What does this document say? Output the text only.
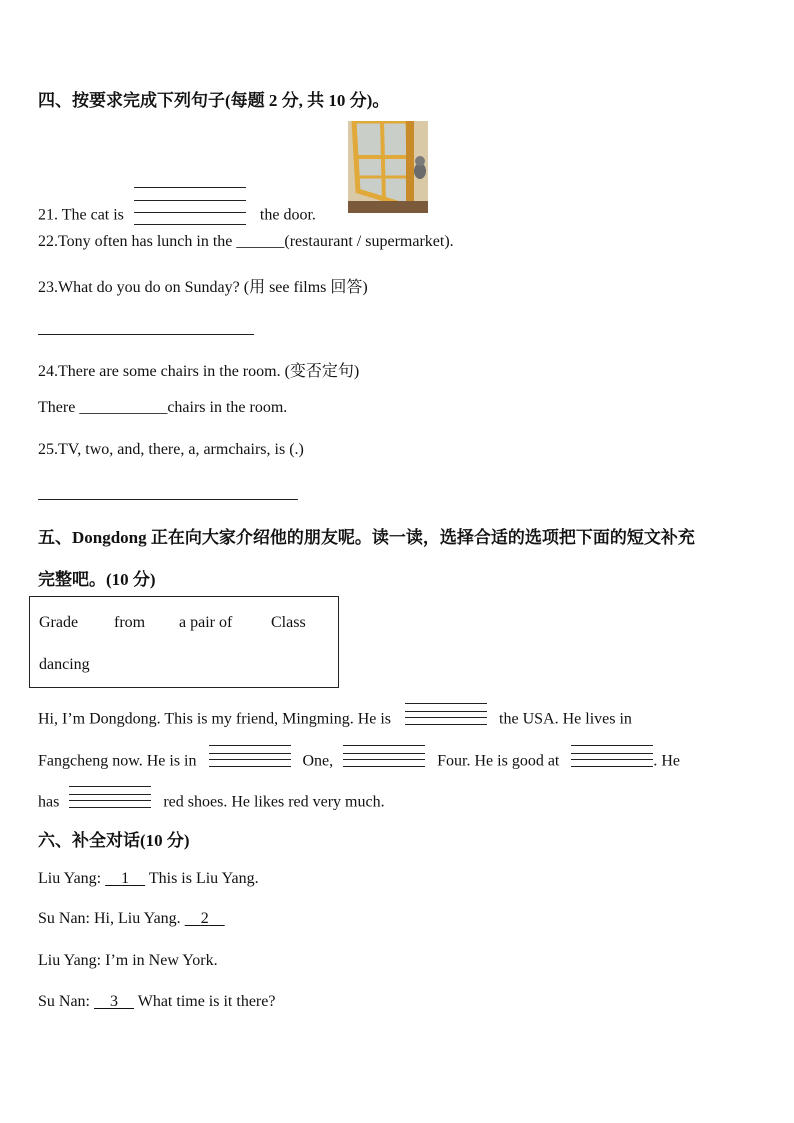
四、按要求完成下列句子(每题 2 分, 共 10 分)。
21. The cat is	the door.
22.Tony often has lunch in the ______(restaurant / supermarket).
23.What do you do on Sunday? (用 see films 回答)
24.There are some chairs in the room. (变否定句)
There ___________chairs in the room.
25.TV, two, and, there, a, armchairs, is (.)
五、Dongdong 正在向大家介绍他的朋友呢。读一读，选择合适的选项把下面的短文补充
完整吧。(10 分)
Grade from a pair of Class
dancing
Hi, I’m Dongdong. This is my friend, Mingming. He is	the USA. He lives in
Fangcheng now. He is in	One,	Four. He is good at	. He
has	red shoes. He likes red very much.
六、补全对话(10 分)
Liu Yang: 1 This is Liu Yang.
Su Nan: Hi, Liu Yang. 2
Liu Yang: I’m in New York.
Su Nan: 3 What time is it there?
